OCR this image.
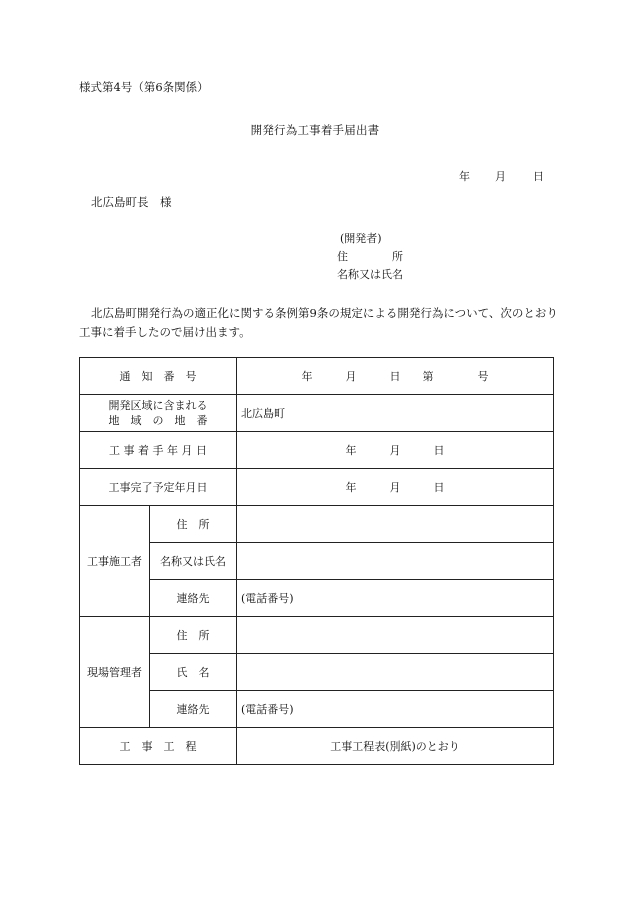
様式第4号（第6条関係）
開発行為工事着手届出書

年 月 日

北広島町長　様
(開発者)
住　　　　所
名称又は氏名
北広島町開発行為の適正化に関する条例第9条の規定による開発行為について、次のとおり工事に着手したので届け出ます。
通　知　番　号		年　　　月　　　日　　第　　　　号

開発区域に含まれる
地　域　の　地　番		北広島町
工 事 着 手 年 月 日		年　　　月　　　日
工事完了予定年月日		年　　　月　　　日
工事施工者	住　所	
	名称又は氏名	
	連絡先	(電話番号)
現場管理者	住　所	
	氏　名	
	連絡先	(電話番号)
工　事　工　程		工事工程表(別紙)のとおり
